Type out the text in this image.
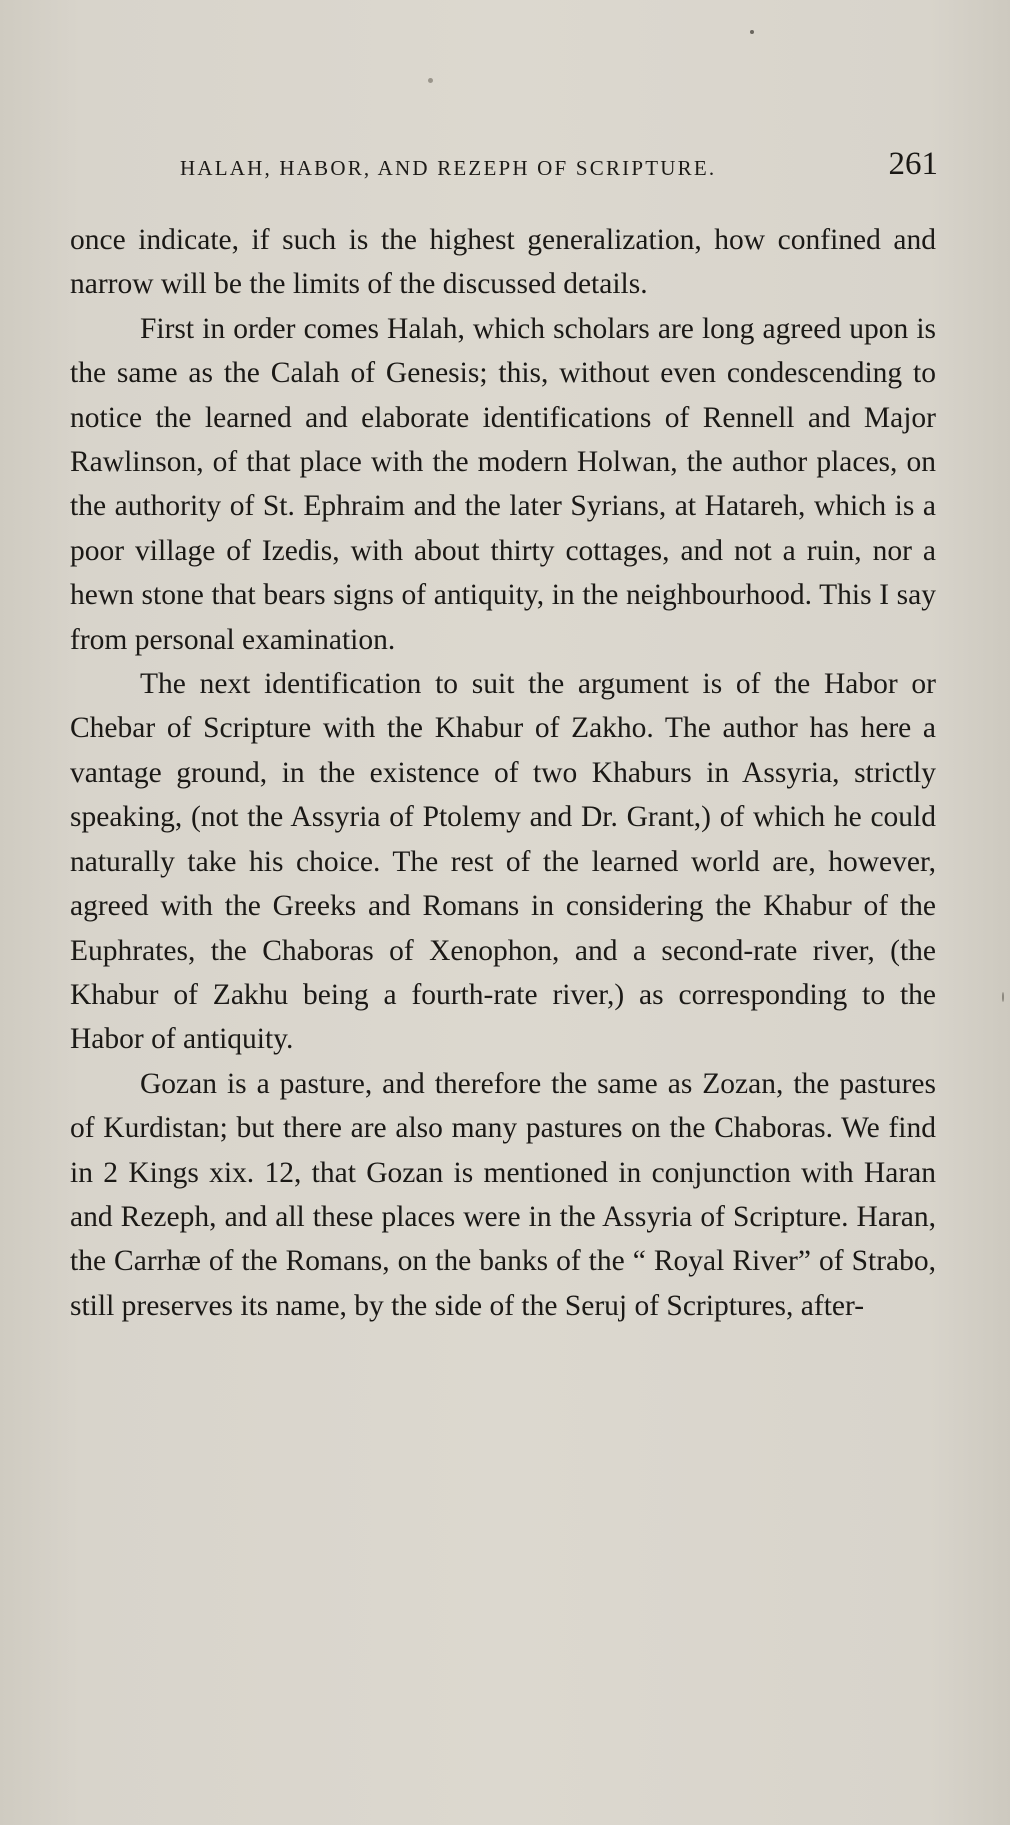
HALAH, HABOR, AND REZEPH OF SCRIPTURE.	261

once indicate, if such is the highest generalization, how confined and narrow will be the limits of the discussed details.

First in order comes Halah, which scholars are long agreed upon is the same as the Calah of Genesis; this, without even condescending to notice the learned and elaborate identifications of Rennell and Major Rawlinson, of that place with the modern Holwan, the author places, on the authority of St. Ephraim and the later Syrians, at Hatareh, which is a poor village of Izedis, with about thirty cottages, and not a ruin, nor a hewn stone that bears signs of antiquity, in the neighbourhood. This I say from personal examination.

The next identification to suit the argument is of the Habor or Chebar of Scripture with the Khabur of Zakho. The author has here a vantage ground, in the existence of two Khaburs in Assyria, strictly speaking, (not the Assyria of Ptolemy and Dr. Grant,) of which he could naturally take his choice. The rest of the learned world are, however, agreed with the Greeks and Romans in considering the Khabur of the Euphrates, the Chaboras of Xenophon, and a second-rate river, (the Khabur of Zakhu being a fourth-rate river,) as corresponding to the Habor of antiquity.

Gozan is a pasture, and therefore the same as Zozan, the pastures of Kurdistan; but there are also many pastures on the Chaboras. We find in 2 Kings xix. 12, that Gozan is mentioned in conjunction with Haran and Rezeph, and all these places were in the Assyria of Scripture. Haran, the Carrhæ of the Romans, on the banks of the “ Royal River” of Strabo, still preserves its name, by the side of the Seruj of Scriptures, after-
